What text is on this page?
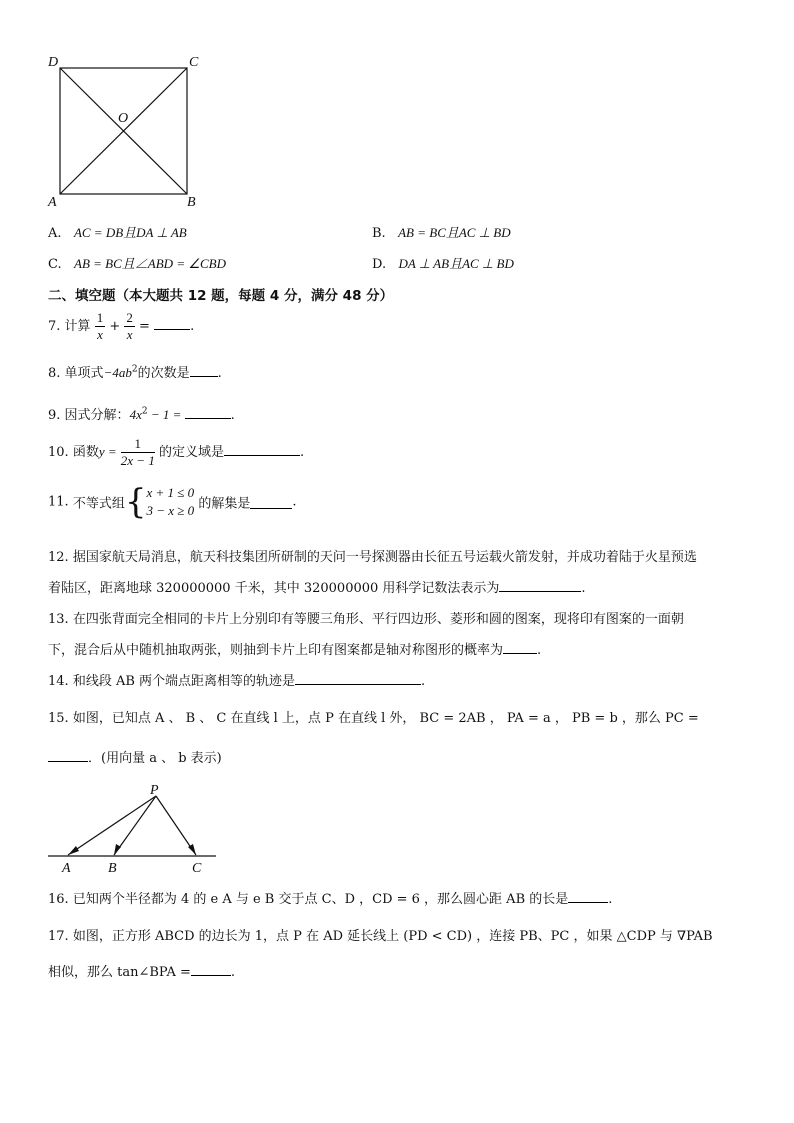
D	C
O
A	B
A. AC = DB且DA ⊥ AB	B. AB = BC且AC ⊥ BD
C. AB = BC且∠ABD = ∠CBD	D. DA ⊥ AB且AC ⊥ BD
二、填空题（本大题共 12 题，每题 4 分，满分 48 分）
7. 计算 $\frac{1}{x} + \frac{2}{x}$ =	.
8. 单项式$-4ab^2$的次数是 .
9. 因式分解：$4x^2 - 1$ =	.
10. 函数$y = \frac{1}{2x - 1}$ 的定义域是	.
11. 不等式组{ x + 1 ≤ 0
3 − x ≥ 0 的解集是	.
12. 据国家航天局消息，航天科技集团所研制的天问一号探测器由长征五号运载火箭发射，并成功着陆于火星预选
着陆区，距离地球 320000000 千米，其中 320000000 用科学记数法表示为	.
13. 在四张背面完全相同的卡片上分别印有等腰三角形、平行四边形、菱形和圆的图案，现将印有图案的一面朝
下，混合后从中随机抽取两张，则抽到卡片上印有图案都是轴对称图形的概率为	.
14. 和线段 AB 两个端点距离相等的轨迹是	.
15. 如图，已知点 A 、 B 、 C 在直线 l 上，点 P 在直线 l 外， BC = 2AB ， PA = a ， PB = b ，那么 PC =
．(用向量 a 、 b 表示)
P
A	B	C
16. 已知两个半径都为 4 的 e A 与 e B 交于点 C、D ，CD = 6 ，那么圆心距 AB 的长是	.
17. 如图，正方形 ABCD 的边长为 1，点 P 在 AD 延长线上 (PD < CD) ，连接 PB、PC ，如果 △CDP 与 ∇PAB
相似，那么 tan∠BPA =	.
